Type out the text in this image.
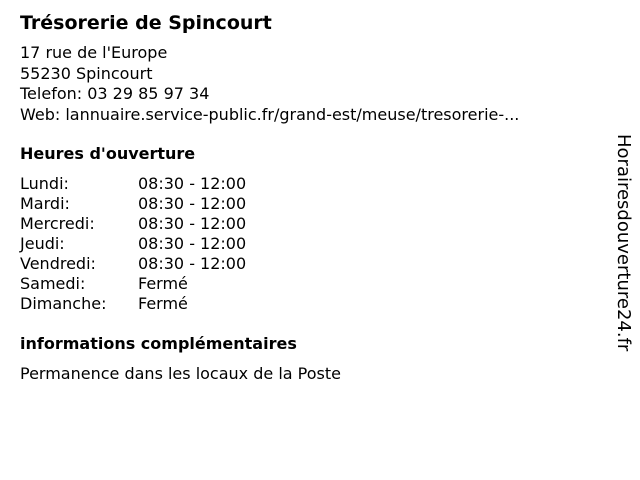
Trésorerie de Spincourt
17 rue de l'Europe
55230 Spincourt
Telefon: 03 29 85 97 34
Web: lannuaire.service-public.fr/grand-est/meuse/tresorerie-...
Heures d'ouverture
Lundi:	08:30 - 12:00
Mardi:	08:30 - 12:00
Mercredi:	08:30 - 12:00
Jeudi:	08:30 - 12:00
Vendredi:	08:30 - 12:00
Samedi:	Fermé
Dimanche:	Fermé
informations complémentaires
Permanence dans les locaux de la Poste
Horairesdouverture24.fr
